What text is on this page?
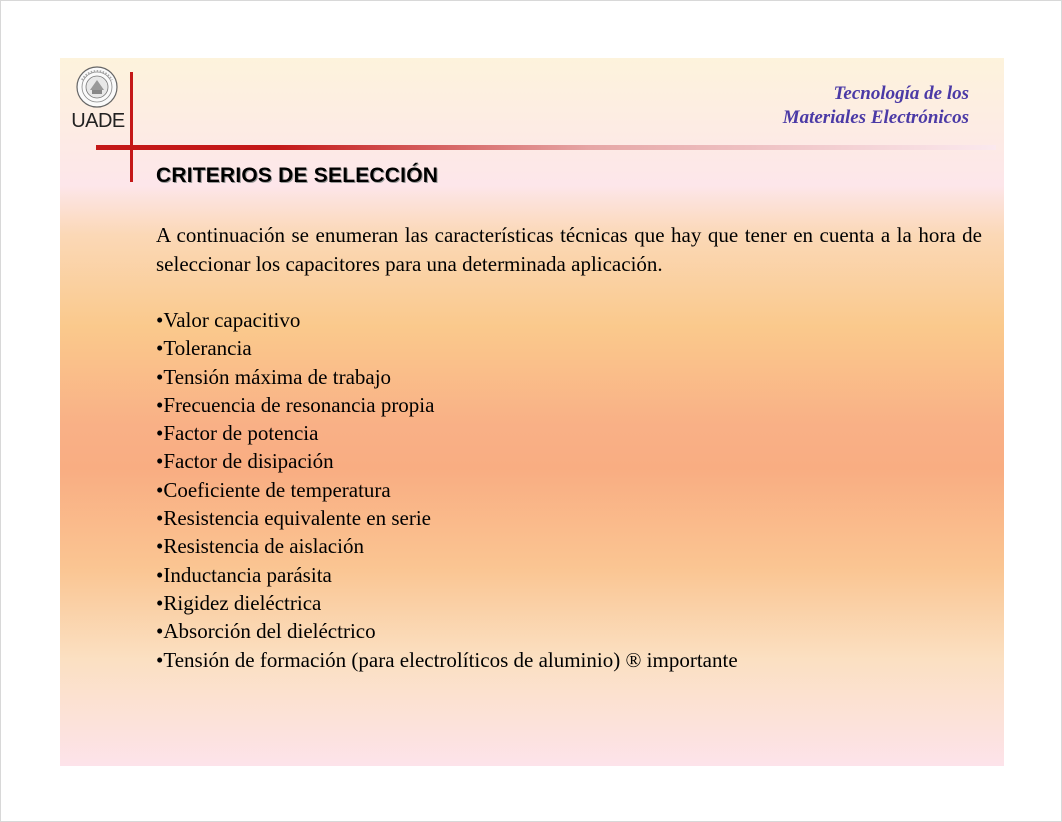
UADE
Tecnología de los
Materiales Electrónicos
CRITERIOS DE SELECCIÓN
A continuación se enumeran las características técnicas que hay que tener en cuenta a la hora de seleccionar los capacitores para una determinada aplicación.
•Valor capacitivo
•Tolerancia
•Tensión máxima de trabajo
•Frecuencia de resonancia propia
•Factor de potencia
•Factor de disipación
•Coeficiente de temperatura
•Resistencia equivalente en serie
•Resistencia de aislación
•Inductancia parásita
•Rigidez dieléctrica
•Absorción del dieléctrico
•Tensión de formación (para electrolíticos de aluminio) ® importante
